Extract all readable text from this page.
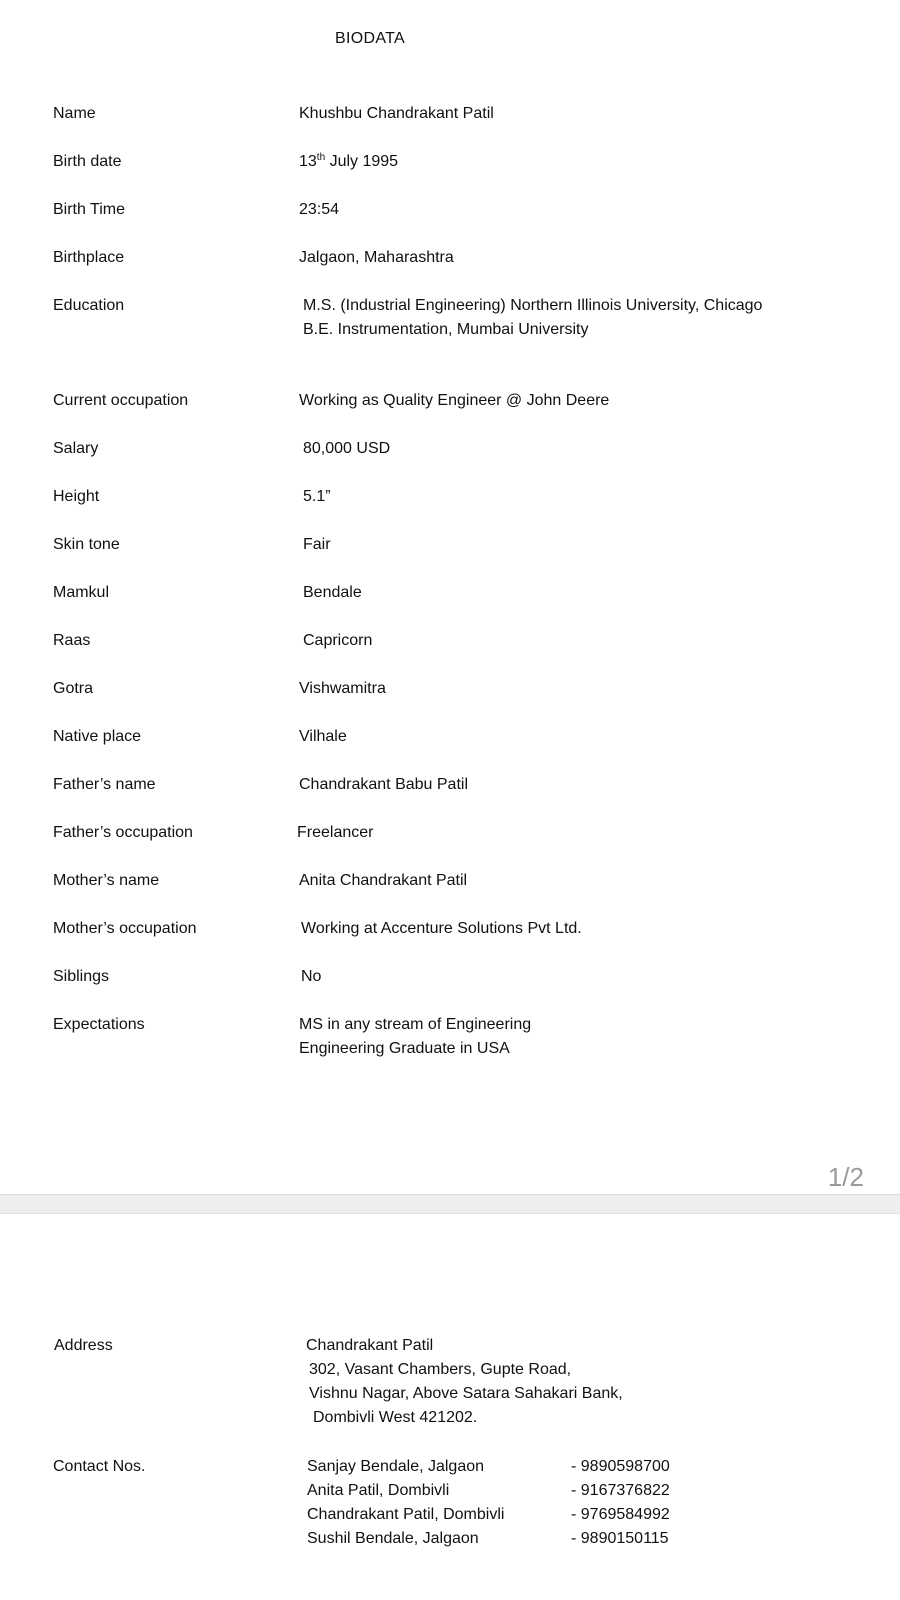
BIODATA
Name	Khushbu Chandrakant Patil
Birth date	13th July 1995
Birth Time	23:54
Birthplace	Jalgaon, Maharashtra
Education	M.S. (Industrial Engineering) Northern Illinois University, Chicago
B.E. Instrumentation, Mumbai University
Current occupation	Working as Quality Engineer @ John Deere
Salary	80,000 USD
Height	5.1”
Skin tone	Fair
Mamkul	Bendale
Raas	Capricorn
Gotra	Vishwamitra
Native place	Vilhale
Father’s name	Chandrakant Babu Patil
Father’s occupation	Freelancer
Mother’s name	Anita Chandrakant Patil
Mother’s occupation	Working at Accenture Solutions Pvt Ltd.
Siblings	No
Expectations	MS in any stream of Engineering
Engineering Graduate in USA
1/2
Address	Chandrakant Patil
302, Vasant Chambers, Gupte Road,
Vishnu Nagar, Above Satara Sahakari Bank,
Dombivli West 421202.
Contact Nos.	Sanjay Bendale, Jalgaon	- 9890598700
Anita Patil, Dombivli	- 9167376822
Chandrakant Patil, Dombivli	- 9769584992
Sushil Bendale, Jalgaon	- 9890150115
